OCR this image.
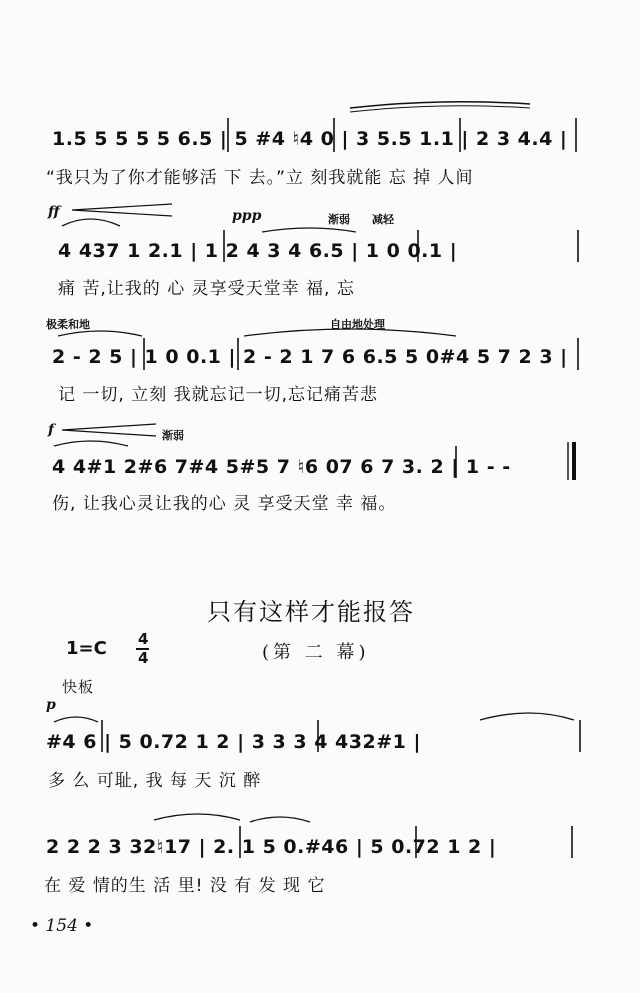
1.5 5 5 5 5 6.5 | 5 #4 ♮4 0 | 3 5.5 1.1 | 2 3 4.4 |
“我只为了你才能够活 下 去。”立 刻我就能 忘 掉 人间
ff	ppp	渐弱 减轻
4 437 1 2.1 | 1 2 4 3 4 6.5 | 1 0 0.1 |
痛 苦,让我的 心 灵享受天堂幸 福, 忘
极柔和地	自由地处理
2 - 2 5 | 1 0 0.1 | 2 - 2 1 7 6 6.5 5 0#4 5 7 2 3 |
记 一切, 立刻 我就忘记一切,忘记痛苦悲
f	渐弱
4 4#1 2#6 7#4 5#5 7 ♮6 07 6 7 3. 2 | 1 - -
伤, 让我心灵让我的心 灵 享受天堂 幸 福。
只有这样才能报答
1=C 4
4	(第 二 幕)
快板
p
#4 6 | 5 0.72 1 2 | 3 3 3 4 432#1 |
多 么 可耻, 我 每 天 沉 醉
2 2 2 3 32♮17 | 2. 1 5 0.#46 | 5 0.72 1 2 |
在 爱 情的生 活 里! 没 有 发 现 它
• 154 •
